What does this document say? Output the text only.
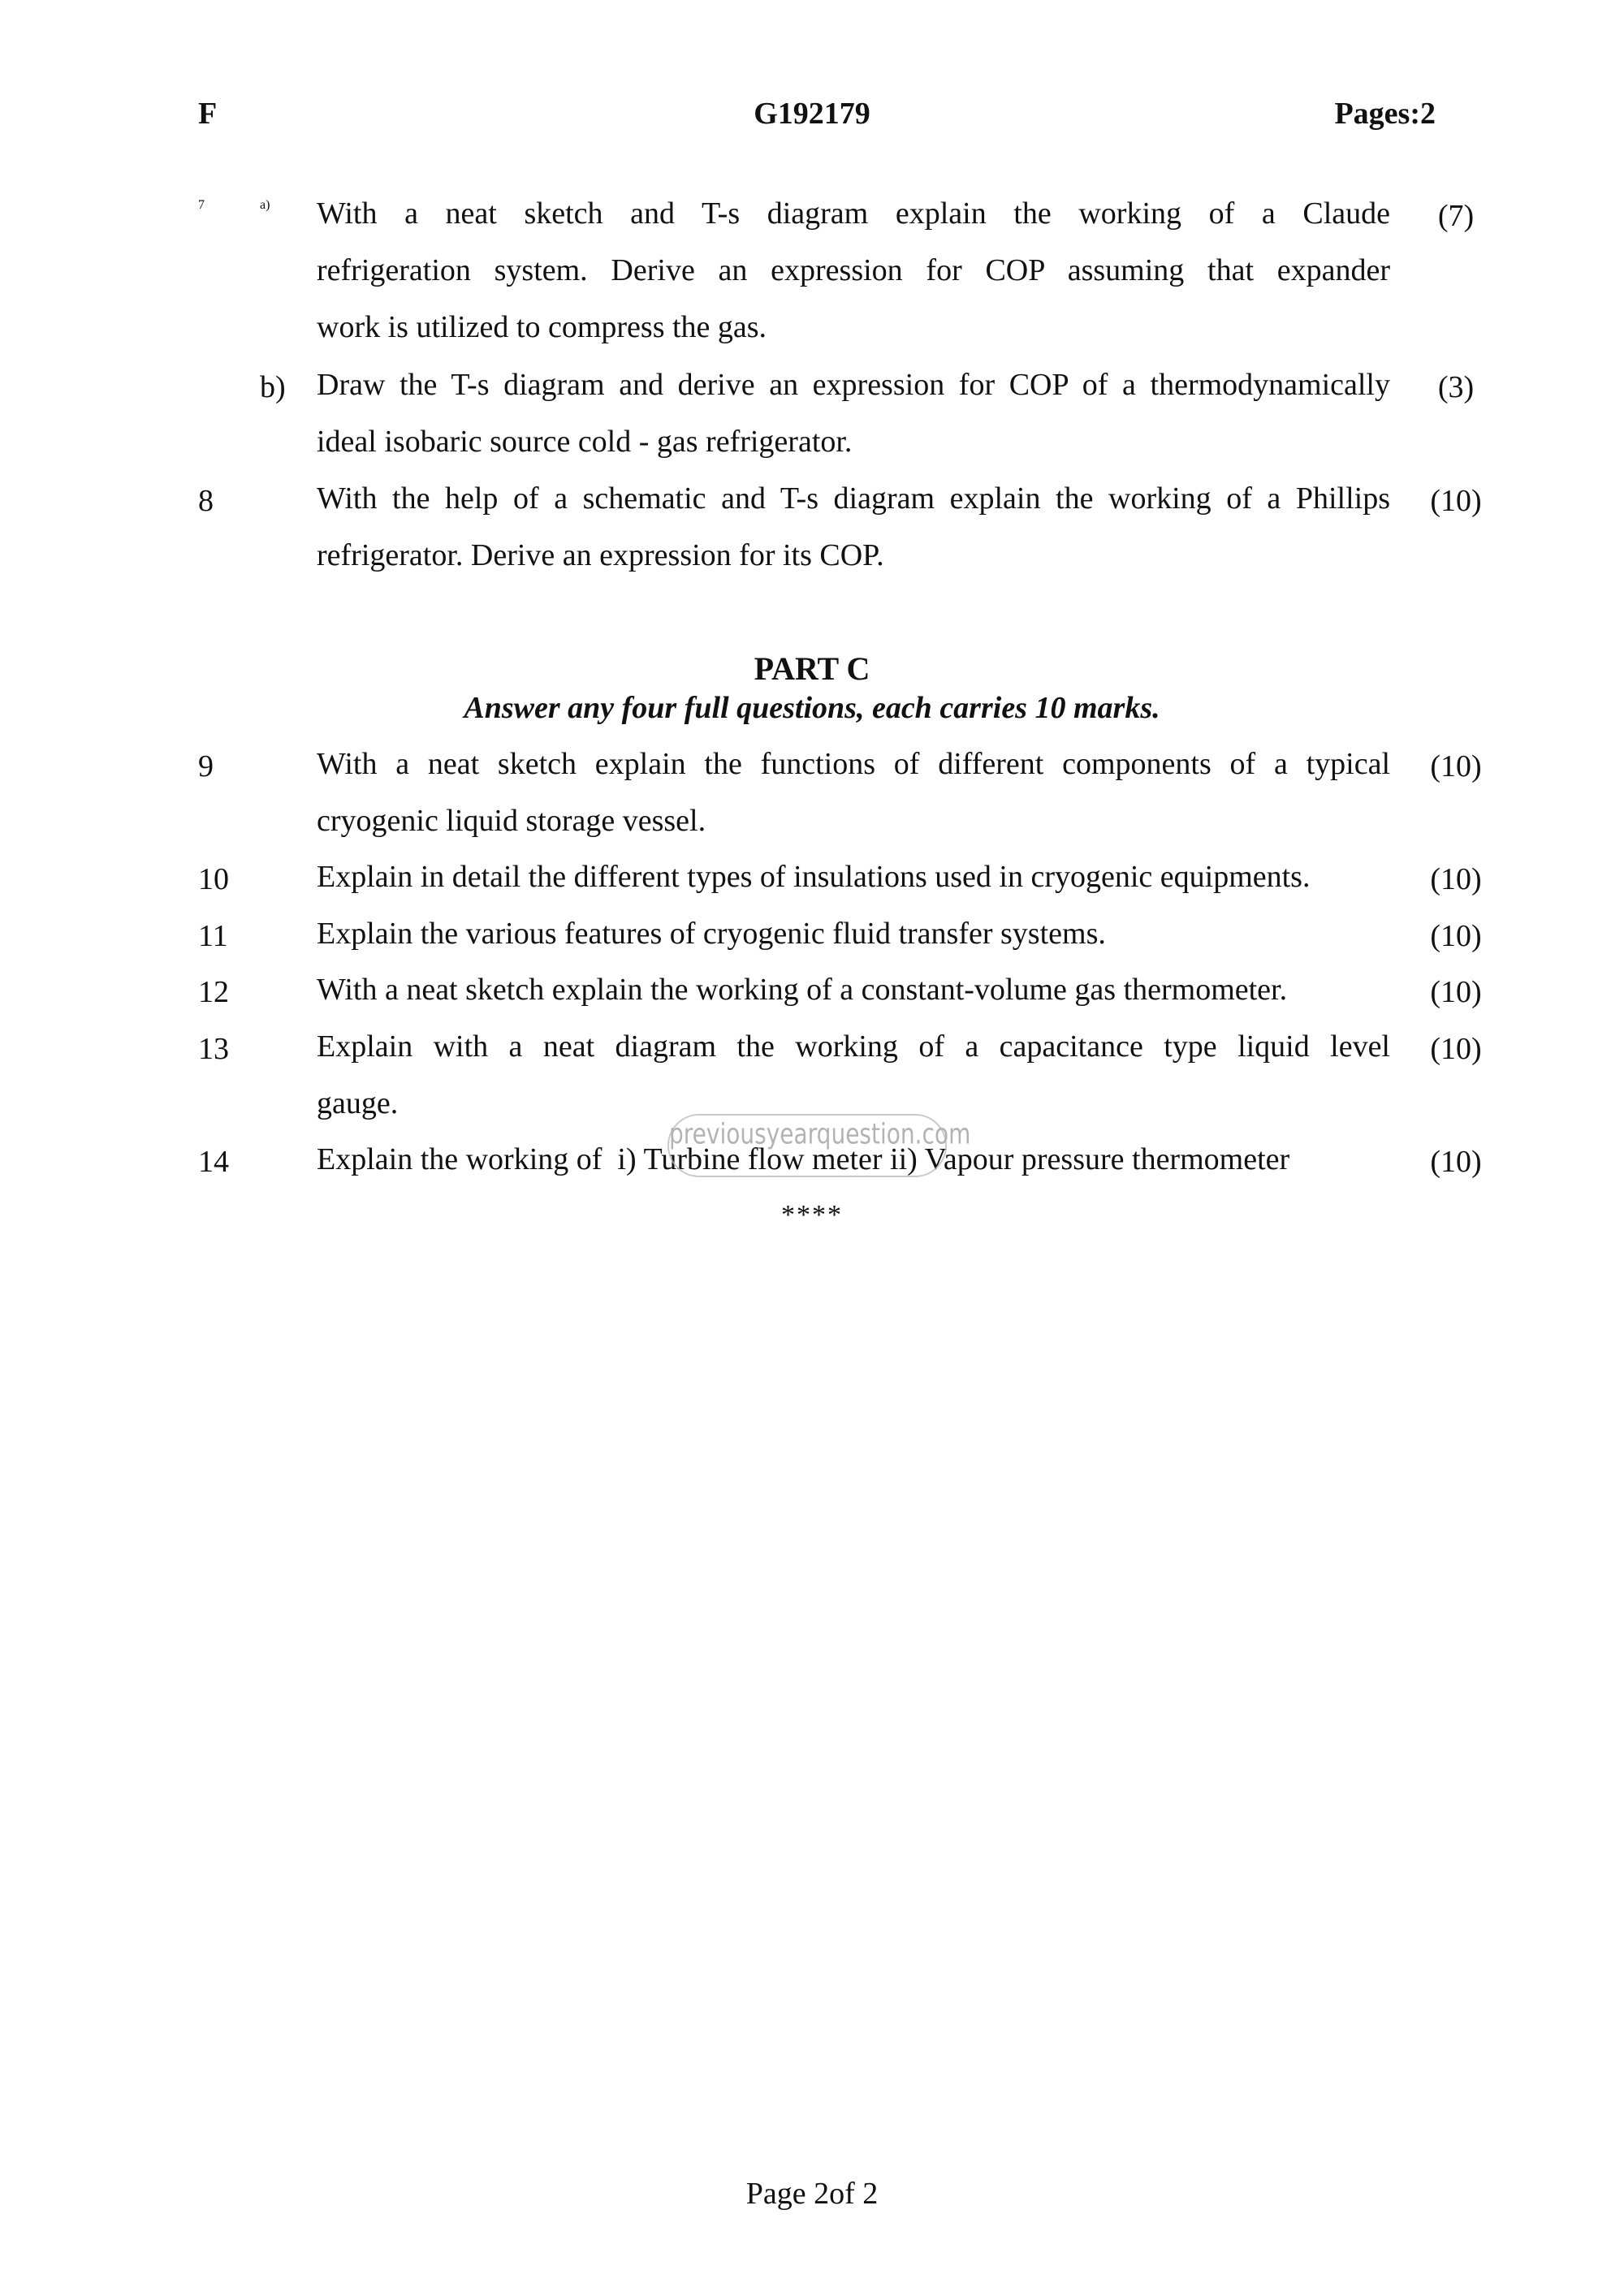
F	G192179	Pages:2
7	a) With a neat sketch and T-s diagram explain the working of a Claude
refrigeration system. Derive an expression for COP assuming that expander
work is utilized to compress the gas.
(7)
b) Draw the T-s diagram and derive an expression for COP of a thermodynamically
ideal isobaric source cold - gas refrigerator.
(3)
8	With the help of a schematic and T-s diagram explain the working of a Phillips
refrigerator. Derive an expression for its COP.
(10)
PART C
Answer any four full questions, each carries 10 marks.
9	With a neat sketch explain the functions of different components of a typical
cryogenic liquid storage vessel.
(10)
10	Explain in detail the different types of insulations used in cryogenic equipments.	(10)
11	Explain the various features of cryogenic fluid transfer systems.	(10)
12	With a neat sketch explain the working of a constant-volume gas thermometer.	(10)
13	Explain with a neat diagram the working of a capacitance type liquid level
gauge.
(10)
14	Explain the working of  i) Turbine flow meter ii) Vapour pressure thermometer	(10)
previousyearquestion.com
****
Page 2of 2
